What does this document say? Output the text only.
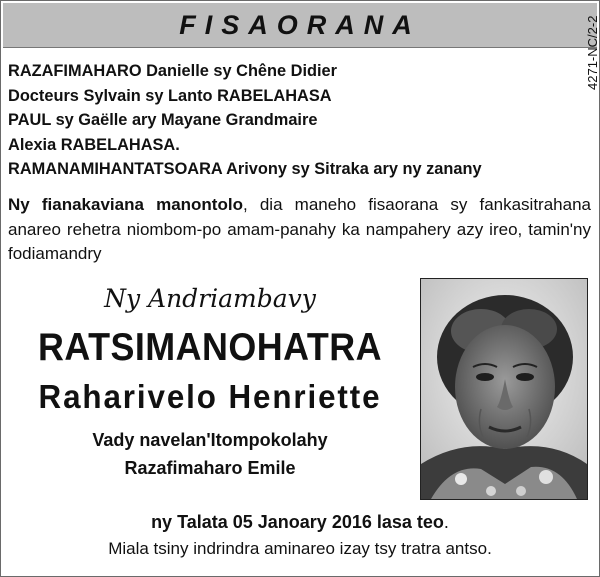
FISAORANA	4271-NC/2-2
RAZAFIMAHARO Danielle sy Chêne Didier
Docteurs Sylvain sy Lanto RABELAHASA
PAUL sy Gaëlle ary Mayane Grandmaire
Alexia RABELAHASA.
RAMANAMIHANTATSOARA Arivony sy Sitraka ary ny zanany
Ny fianakaviana manontolo, dia maneho fisaorana sy fankasitrahana anareo rehetra niombom-po amam-panahy ka nampahery azy ireo, tamin'ny fodiamandry
Ny Andriambavy
RATSIMANOHATRA
Raharivelo Henriette
Vady navelan'Itompokolahy
Razafimaharo Emile
ny Talata 05 Janoary 2016 lasa teo.
Miala tsiny indrindra aminareo izay tsy tratra antso.
